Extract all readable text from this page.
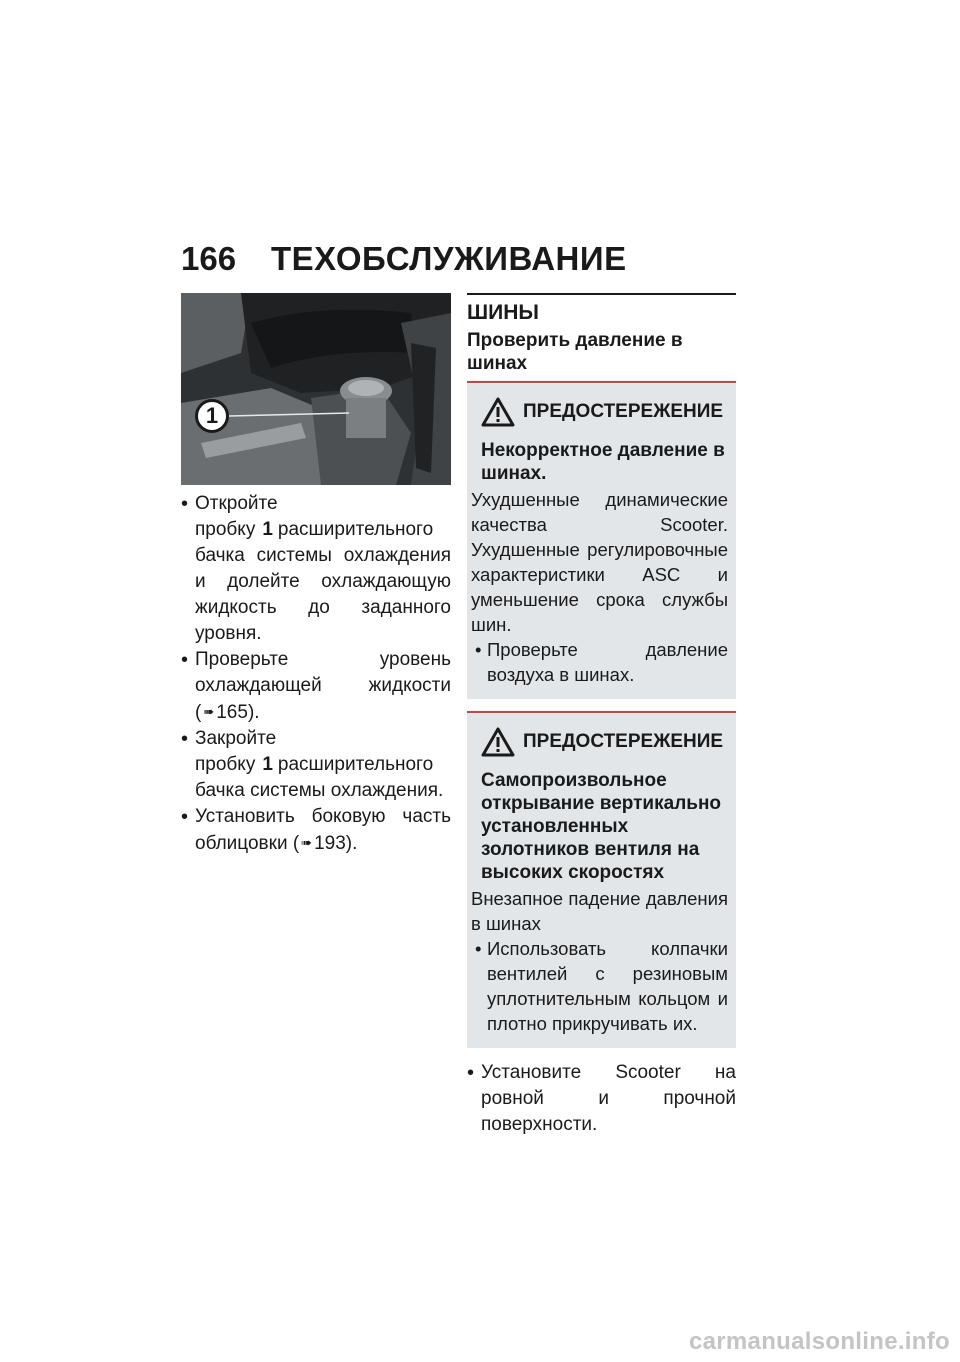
166	ТЕХОБСЛУЖИВАНИЕ
1
• Откройте пробку 1 расширительного бачка системы охлаждения и долейте охлаждающую жидкость до заданного уровня.
• Проверьте уровень охлаждающей жидкости ( ➠ 165).
• Закройте пробку 1 расширительного бачка системы охлаждения.
• Установить боковую часть облицовки ( ➠ 193).
ШИНЫ
Проверить давление в шинах
ПРЕДОСТЕРЕЖЕНИЕ
Некорректное давление в шинах.
Ухудшенные динамические качества Scooter. Ухудшенные регулировочные характеристики ASC и уменьшение срока службы шин.
• Проверьте давление воздуха в шинах.
ПРЕДОСТЕРЕЖЕНИЕ
Самопроизвольное открывание вертикально установленных золотников вентиля на высоких скоростях
Внезапное падение давления в шинах
• Использовать колпачки вентилей с резиновым уплотнительным кольцом и плотно прикручивать их.
• Установите Scooter на ровной и прочной поверхности.
carmanualsonline.info
